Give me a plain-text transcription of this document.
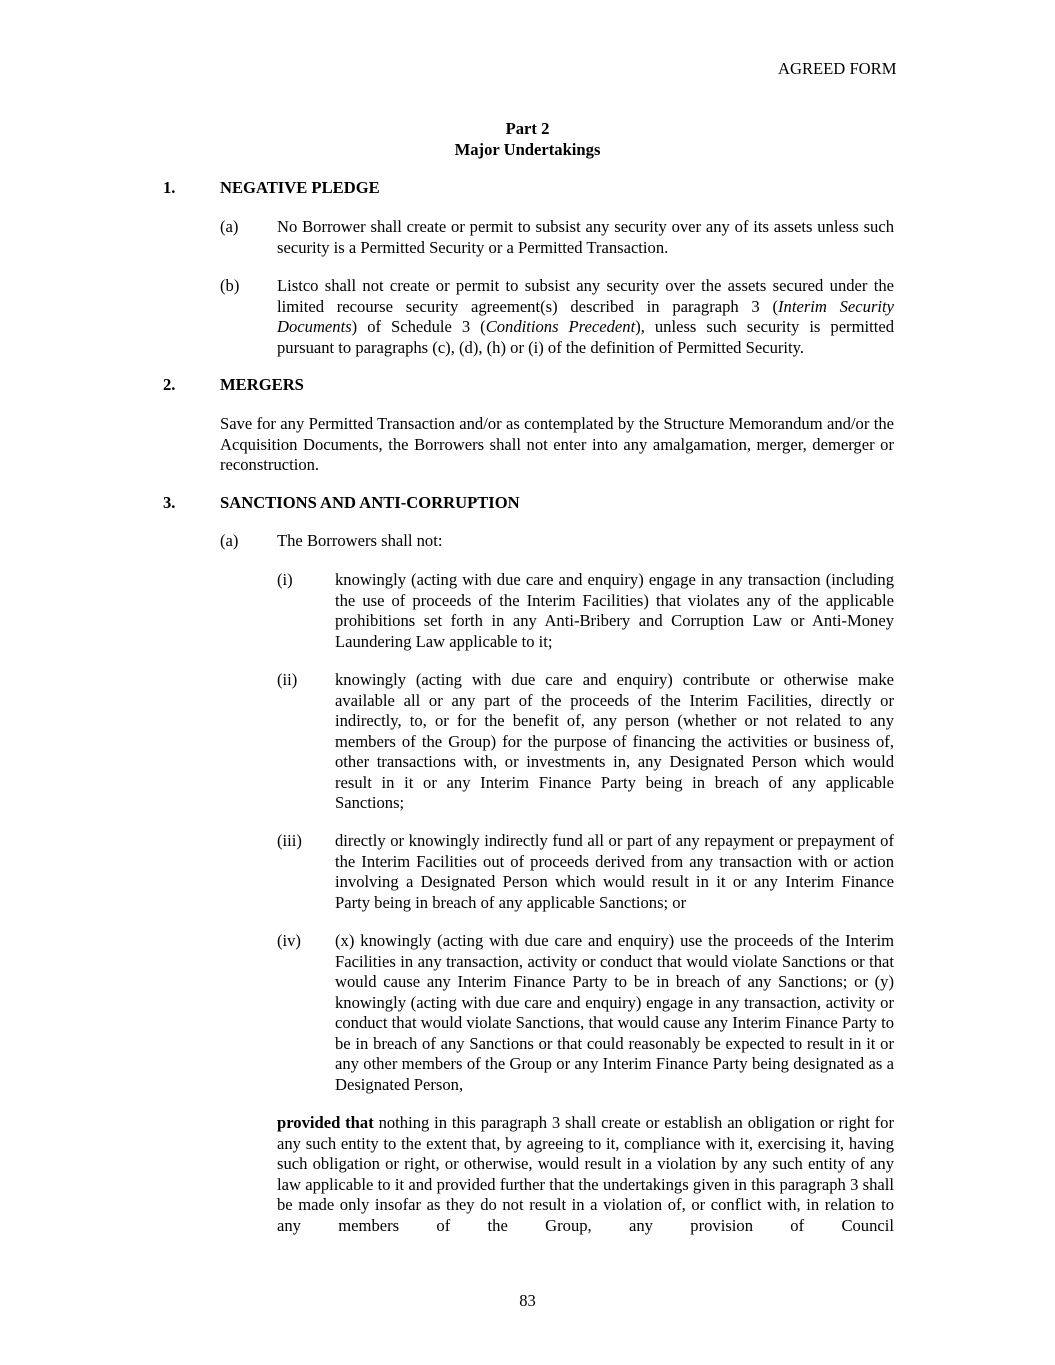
AGREED FORM
Part 2
Major Undertakings
1.	NEGATIVE PLEDGE
(a) No Borrower shall create or permit to subsist any security over any of its assets unless such security is a Permitted Security or a Permitted Transaction.
(b) Listco shall not create or permit to subsist any security over the assets secured under the limited recourse security agreement(s) described in paragraph 3 (Interim Security Documents) of Schedule 3 (Conditions Precedent), unless such security is permitted pursuant to paragraphs (c), (d), (h) or (i) of the definition of Permitted Security.
2.	MERGERS
Save for any Permitted Transaction and/or as contemplated by the Structure Memorandum and/or the Acquisition Documents, the Borrowers shall not enter into any amalgamation, merger, demerger or reconstruction.
3.	SANCTIONS AND ANTI-CORRUPTION
(a) The Borrowers shall not:
(i)	knowingly (acting with due care and enquiry) engage in any transaction (including the use of proceeds of the Interim Facilities) that violates any of the applicable prohibitions set forth in any Anti-Bribery and Corruption Law or Anti-Money Laundering Law applicable to it;
(ii) knowingly (acting with due care and enquiry) contribute or otherwise make available all or any part of the proceeds of the Interim Facilities, directly or indirectly, to, or for the benefit of, any person (whether or not related to any members of the Group) for the purpose of financing the activities or business of, other transactions with, or investments in, any Designated Person which would result in it or any Interim Finance Party being in breach of any applicable Sanctions;
(iii) directly or knowingly indirectly fund all or part of any repayment or prepayment of the Interim Facilities out of proceeds derived from any transaction with or action involving a Designated Person which would result in it or any Interim Finance Party being in breach of any applicable Sanctions; or
(iv) (x) knowingly (acting with due care and enquiry) use the proceeds of the Interim Facilities in any transaction, activity or conduct that would violate Sanctions or that would cause any Interim Finance Party to be in breach of any Sanctions; or (y) knowingly (acting with due care and enquiry) engage in any transaction, activity or conduct that would violate Sanctions, that would cause any Interim Finance Party to be in breach of any Sanctions or that could reasonably be expected to result in it or any other members of the Group or any Interim Finance Party being designated as a Designated Person,
provided that nothing in this paragraph 3 shall create or establish an obligation or right for any such entity to the extent that, by agreeing to it, compliance with it, exercising it, having such obligation or right, or otherwise, would result in a violation by any such entity of any law applicable to it and provided further that the undertakings given in this paragraph 3 shall be made only insofar as they do not result in a violation of, or conflict with, in relation to any members of the Group, any provision of Council
83
